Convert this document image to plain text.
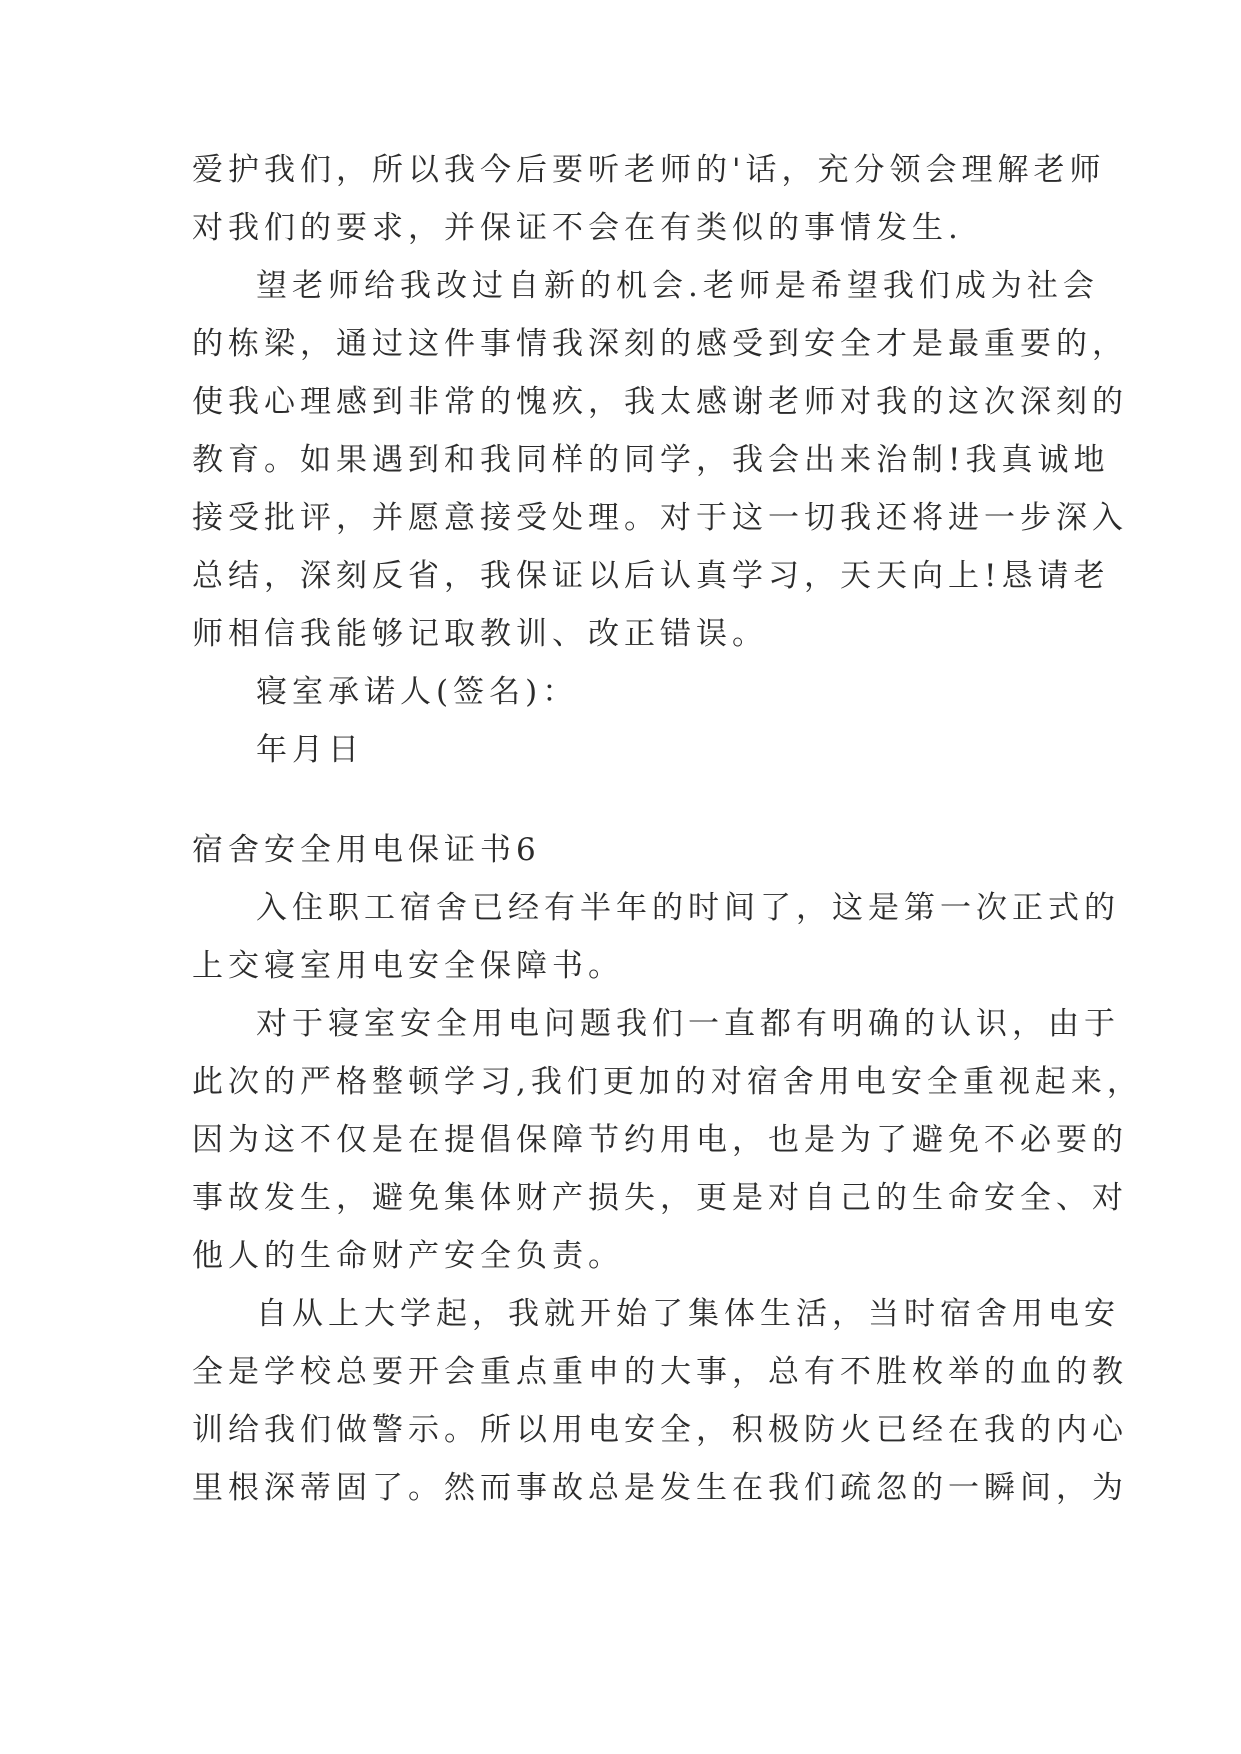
爱护我们，所以我今后要听老师的'话，充分领会理解老师
对我们的要求，并保证不会在有类似的事情发生.
望老师给我改过自新的机会.老师是希望我们成为社会
的栋梁，通过这件事情我深刻的感受到安全才是最重要的，
使我心理感到非常的愧疚，我太感谢老师对我的这次深刻的
教育。如果遇到和我同样的同学，我会出来治制!我真诚地
接受批评，并愿意接受处理。对于这一切我还将进一步深入
总结，深刻反省，我保证以后认真学习，天天向上!恳请老
师相信我能够记取教训、改正错误。
寝室承诺人(签名)：
年月日
宿舍安全用电保证书6
入住职工宿舍已经有半年的时间了，这是第一次正式的
上交寝室用电安全保障书。
对于寝室安全用电问题我们一直都有明确的认识，由于
此次的严格整顿学习,我们更加的对宿舍用电安全重视起来，
因为这不仅是在提倡保障节约用电，也是为了避免不必要的
事故发生，避免集体财产损失，更是对自己的生命安全、对
他人的生命财产安全负责。
自从上大学起，我就开始了集体生活，当时宿舍用电安
全是学校总要开会重点重申的大事，总有不胜枚举的血的教
训给我们做警示。所以用电安全，积极防火已经在我的内心
里根深蒂固了。然而事故总是发生在我们疏忽的一瞬间，为
